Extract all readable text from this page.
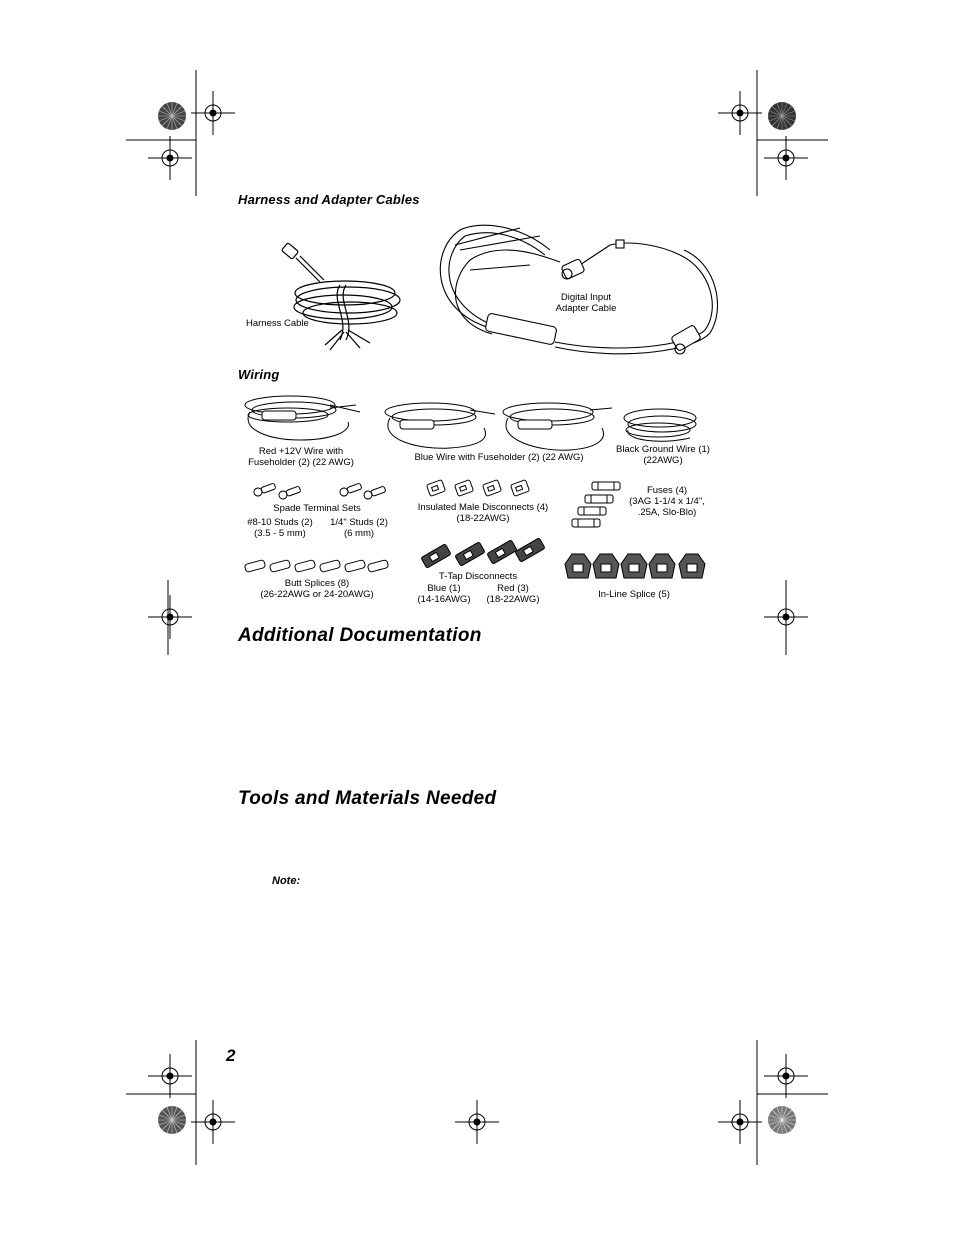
Harness and Adapter Cables
Harness Cable
Digital Input
Adapter Cable
Wiring
Red +12V Wire with
Fuseholder (2) (22 AWG)	Blue Wire with Fuseholder (2) (22 AWG)
Black Ground Wire (1)
(22AWG)
Spade Terminal Sets
#8-10 Studs (2)
(3.5 - 5 mm)
1/4" Studs (2)
(6 mm)
Insulated Male Disconnects (4)
(18-22AWG)
Fuses (4)
(3AG 1-1/4 x 1/4",
.25A, Slo-Blo)
Butt Splices (8)
(26-22AWG or 24-20AWG)
T-Tap Disconnects
Blue (1)
(14-16AWG)
Red (3)
(18-22AWG)	In-Line Splice (5)
Additional Documentation
Tools and Materials Needed
Note:
2
